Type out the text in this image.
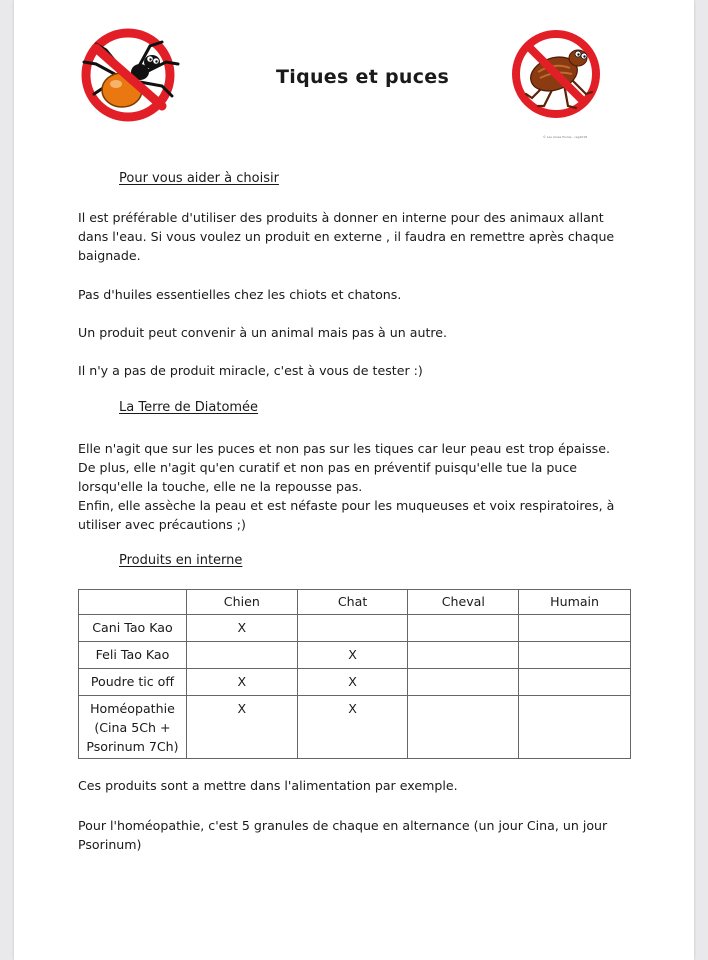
Tiques et puces
© Les Ames Plume - reg2018
Pour vous aider à choisir
Il est préférable d'utiliser des produits à donner en interne pour des animaux allant
dans l'eau. Si vous voulez un produit en externe , il faudra en remettre après chaque
baignade.
Pas d'huiles essentielles chez les chiots et chatons.
Un produit peut convenir à un animal mais pas à un autre.
Il n'y a pas de produit miracle, c'est à vous de tester :)
La Terre de Diatomée
Elle n'agit que sur les puces et non pas sur les tiques car leur peau est trop épaisse.
De plus, elle n'agit qu'en curatif et non pas en préventif puisqu'elle tue la puce
lorsqu'elle la touche, elle ne la repousse pas.
Enfin, elle assèche la peau et est néfaste pour les muqueuses et voix respiratoires, à
utiliser avec précautions ;)
Produits en interne
	Chien	Chat	Cheval	Humain
Cani Tao Kao	X			
Feli Tao Kao		X		
Poudre tic off	X	X		

Homéopathie
(Cina 5Ch +
Psorinum 7Ch)	X	X		
Ces produits sont a mettre dans l'alimentation par exemple.
Pour l'homéopathie, c'est 5 granules de chaque en alternance (un jour Cina, un jour
Psorinum)
